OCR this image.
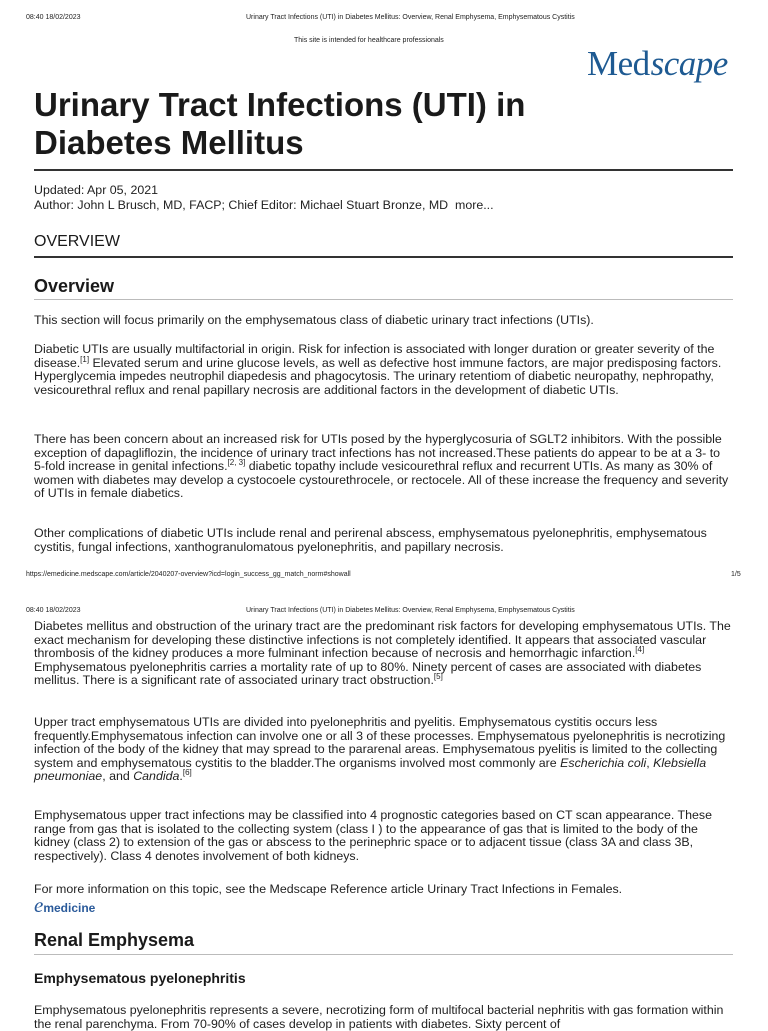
08:40 18/02/2023	Urinary Tract Infections (UTI) in Diabetes Mellitus: Overview, Renal Emphysema, Emphysematous Cystitis
This site is intended for healthcare professionals
Medscape
Urinary Tract Infections (UTI) in
Diabetes Mellitus
Updated: Apr 05, 2021
Author: John L Brusch, MD, FACP; Chief Editor: Michael Stuart Bronze, MD more...
OVERVIEW
Overview
This section will focus primarily on the emphysematous class of diabetic urinary tract infections (UTIs).
Diabetic UTIs are usually multifactorial in origin. Risk for infection is associated with longer duration or greater severity of the disease.[1] Elevated serum and urine glucose levels, as well as defective host immune factors, are major predisposing factors. Hyperglycemia impedes neutrophil diapedesis and phagocytosis. The urinary retentiom of diabetic neuropathy, nephropathy, vesicourethral reflux and renal papillary necrosis are additional factors in the development of diabetic UTIs.
There has been concern about an increased risk for UTIs posed by the hyperglycosuria of SGLT2 inhibitors. With the possible exception of dapagliflozin, the incidence of urinary tract infections has not increased.These patients do appear to be at a 3- to 5-fold increase in genital infections.[2, 3] diabetic topathy include vesicourethral reflux and recurrent UTIs. As many as 30% of women with diabetes may develop a cystocoele cystourethrocele, or rectocele. All of these increase the frequency and severity of UTIs in female diabetics.
Other complications of diabetic UTIs include renal and perirenal abscess, emphysematous pyelonephritis, emphysematous cystitis, fungal infections, xanthogranulomatous pyelonephritis, and papillary necrosis.
https://emedicine.medscape.com/article/2040207-overview?icd=login_success_gg_match_norm#showall	1/5
08:40 18/02/2023	Urinary Tract Infections (UTI) in Diabetes Mellitus: Overview, Renal Emphysema, Emphysematous Cystitis
Diabetes mellitus and obstruction of the urinary tract are the predominant risk factors for developing emphysematous UTIs. The exact mechanism for developing these distinctive infections is not completely identified. It appears that associated vascular thrombosis of the kidney produces a more fulminant infection because of necrosis and hemorrhagic infarction.[4] Emphysematous pyelonephritis carries a mortality rate of up to 80%. Ninety percent of cases are associated with diabetes mellitus. There is a significant rate of associated urinary tract obstruction.[5]
Upper tract emphysematous UTIs are divided into pyelonephritis and pyelitis. Emphysematous cystitis occurs less frequently.Emphysematous infection can involve one or all 3 of these processes. Emphysematous pyelonephritis is necrotizing infection of the body of the kidney that may spread to the pararenal areas. Emphysematous pyelitis is limited to the collecting system and emphysematous cystitis to the bladder.The organisms involved most commonly are Escherichia coli, Klebsiella pneumoniae, and Candida.[6]
Emphysematous upper tract infections may be classified into 4 prognostic categories based on CT scan appearance. These range from gas that is isolated to the collecting system (class I ) to the appearance of gas that is limited to the body of the kidney (class 2) to extension of the gas or abscess to the perinephric space or to adjacent tissue (class 3A and class 3B, respectively). Class 4 denotes involvement of both kidneys.
For more information on this topic, see the Medscape Reference article Urinary Tract Infections in Females.
emedicine
Renal Emphysema
Emphysematous pyelonephritis
Emphysematous pyelonephritis represents a severe, necrotizing form of multifocal bacterial nephritis with gas formation within the renal parenchyma. From 70-90% of cases develop in patients with diabetes. Sixty percent of
